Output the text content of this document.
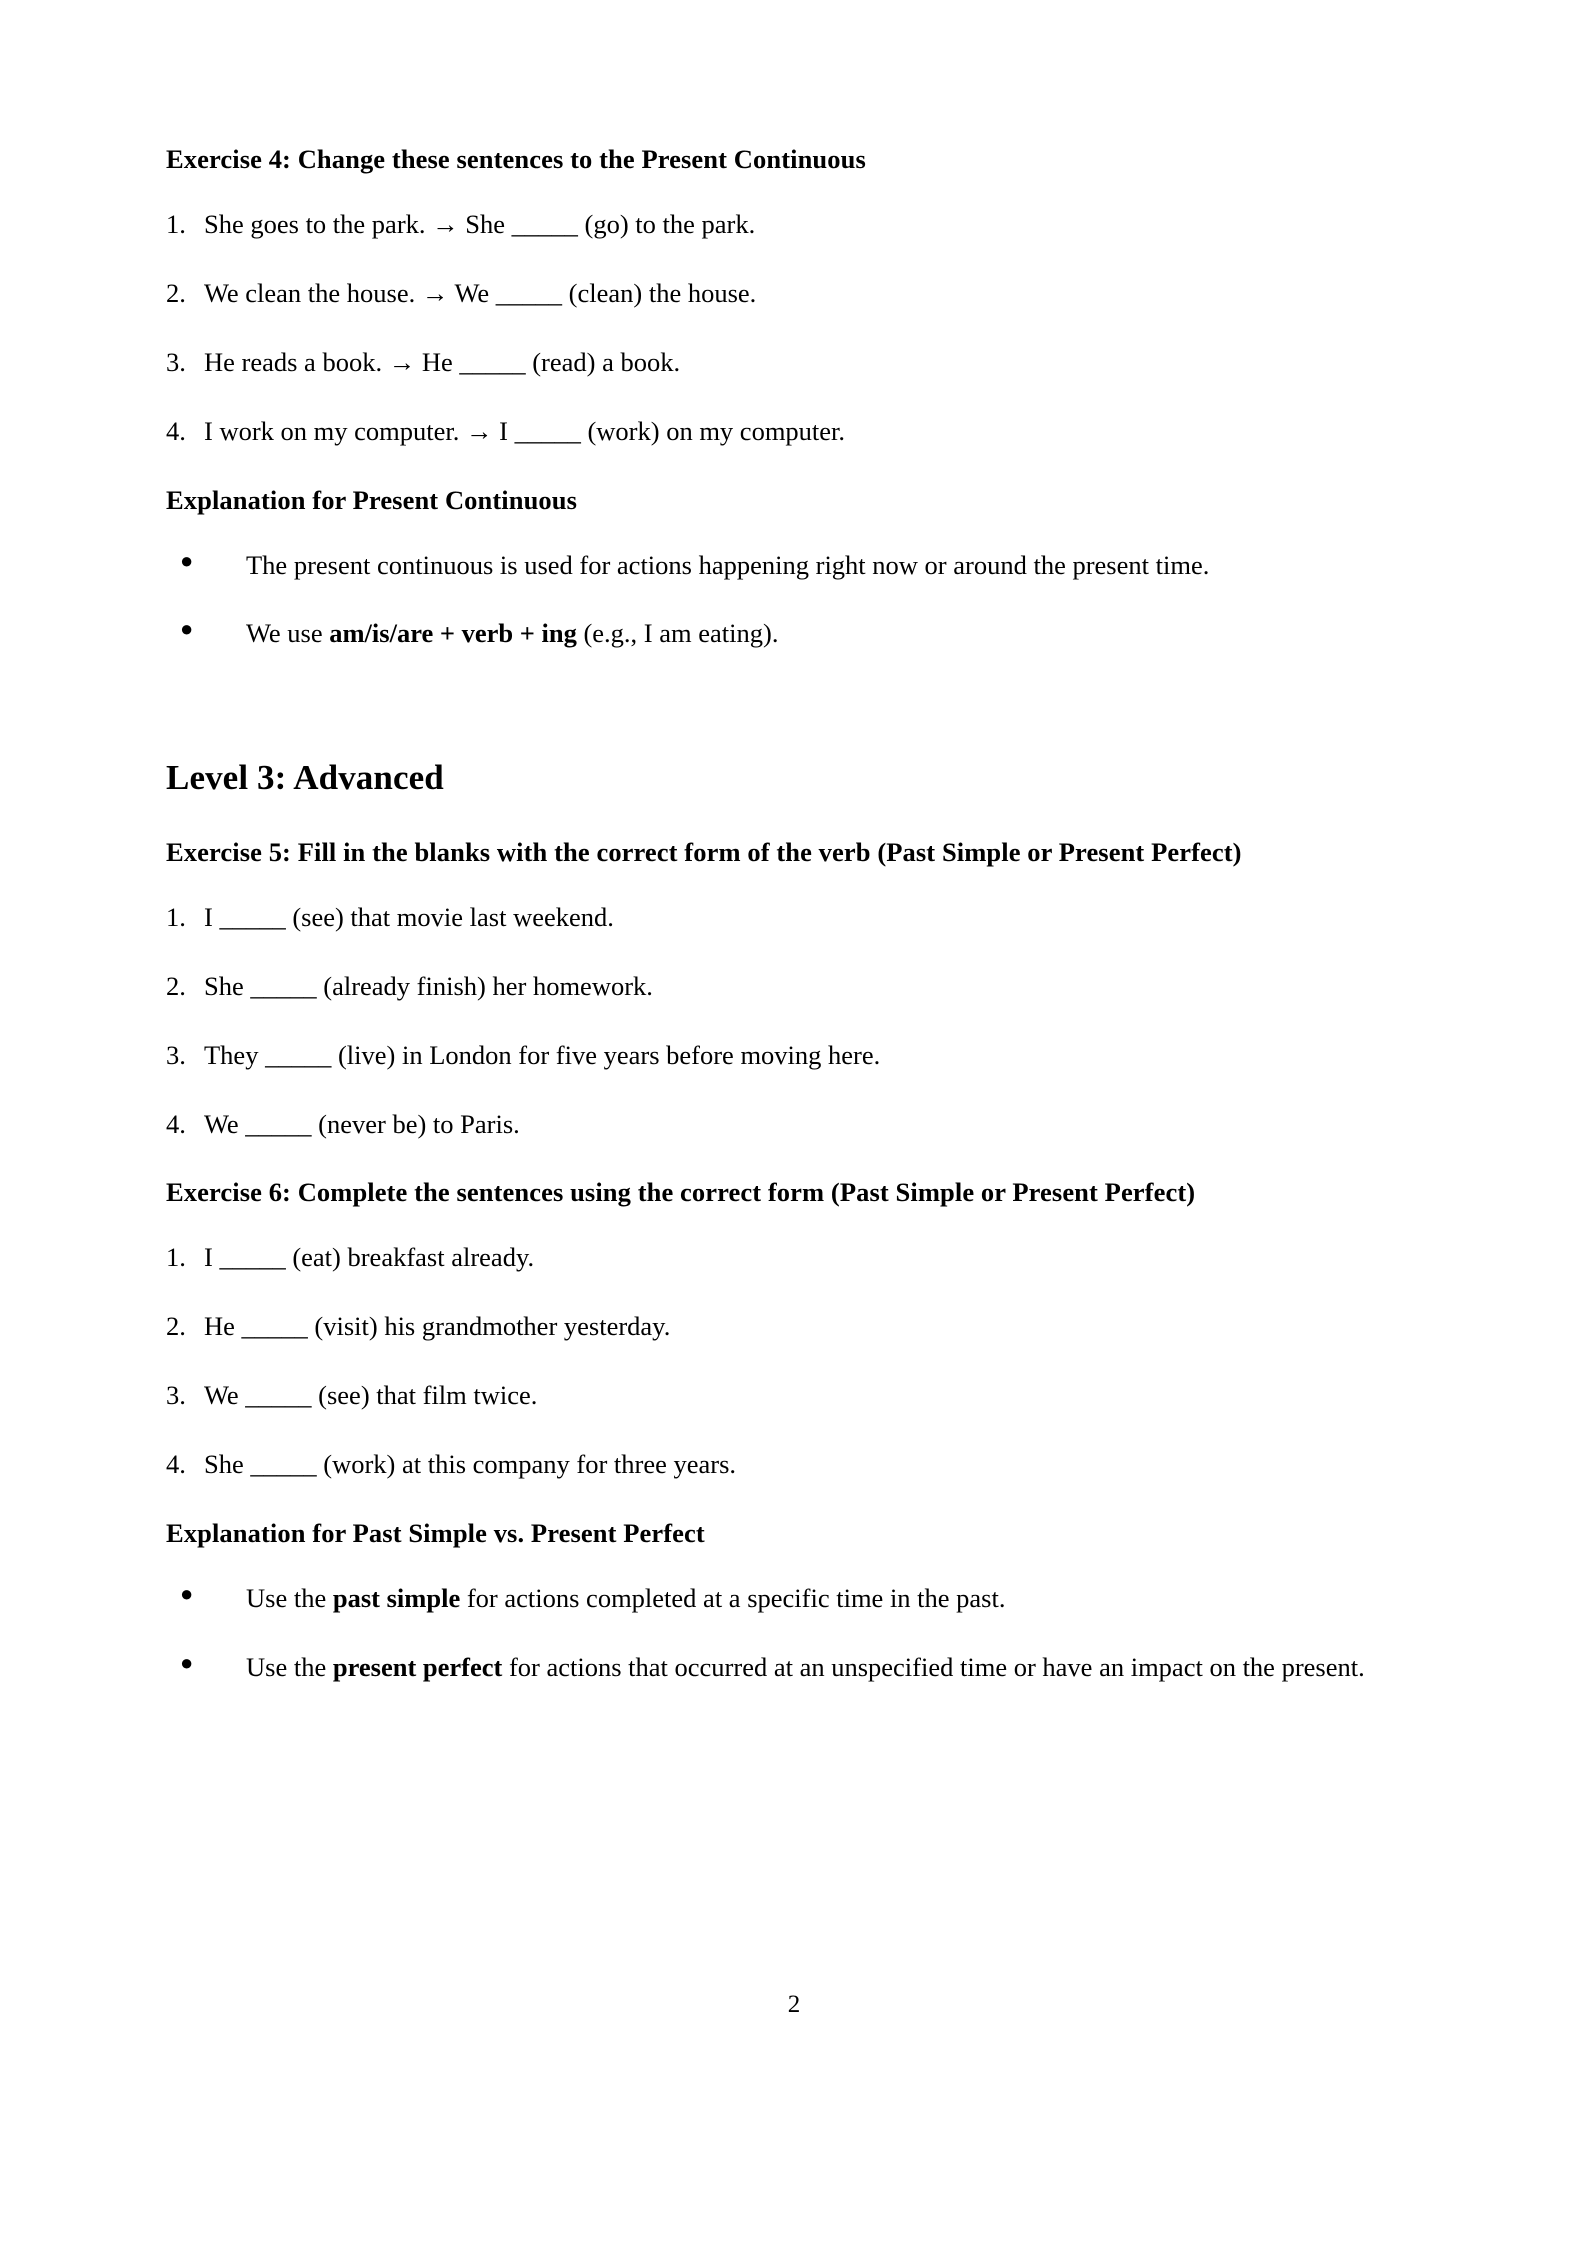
Exercise 4: Change these sentences to the Present Continuous

1. She goes to the park. → She _____ (go) to the park.
2. We clean the house. → We _____ (clean) the house.
3. He reads a book. → He _____ (read) a book.
4. I work on my computer. → I _____ (work) on my computer.

Explanation for Present Continuous

● The present continuous is used for actions happening right now or around the present time.
● We use am/is/are + verb + ing (e.g., I am eating).

Level 3: Advanced

Exercise 5: Fill in the blanks with the correct form of the verb (Past Simple or Present Perfect)

1. I _____ (see) that movie last weekend.
2. She _____ (already finish) her homework.
3. They _____ (live) in London for five years before moving here.
4. We _____ (never be) to Paris.

Exercise 6: Complete the sentences using the correct form (Past Simple or Present Perfect)

1. I _____ (eat) breakfast already.
2. He _____ (visit) his grandmother yesterday.
3. We _____ (see) that film twice.
4. She _____ (work) at this company for three years.

Explanation for Past Simple vs. Present Perfect

● Use the past simple for actions completed at a specific time in the past.
● Use the present perfect for actions that occurred at an unspecified time or have an impact on the present.
2
